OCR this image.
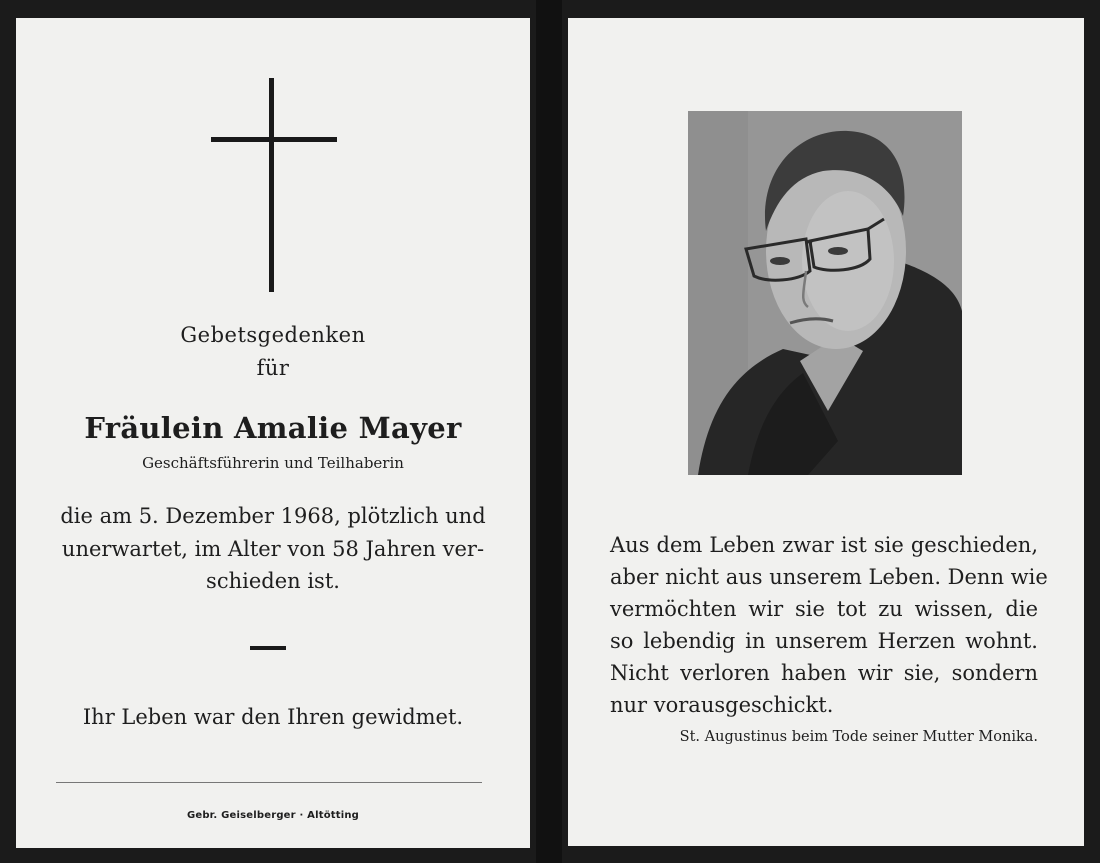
Gebetsgedenken
für
Fräulein Amalie Mayer
Geschäftsführerin und Teilhaberin
die am 5. Dezember 1968, plötzlich und
unerwartet, im Alter von 58 Jahren ver-
schieden ist.
Ihr Leben war den Ihren gewidmet.
Gebr. Geiselberger · Altötting
Aus dem Leben zwar ist sie geschieden,
aber nicht aus unserem Leben. Denn wie
vermöchten wir sie tot zu wissen, die
so lebendig in unserem Herzen wohnt.
Nicht verloren haben wir sie, sondern
nur vorausgeschickt.
St. Augustinus beim Tode seiner Mutter Monika.
